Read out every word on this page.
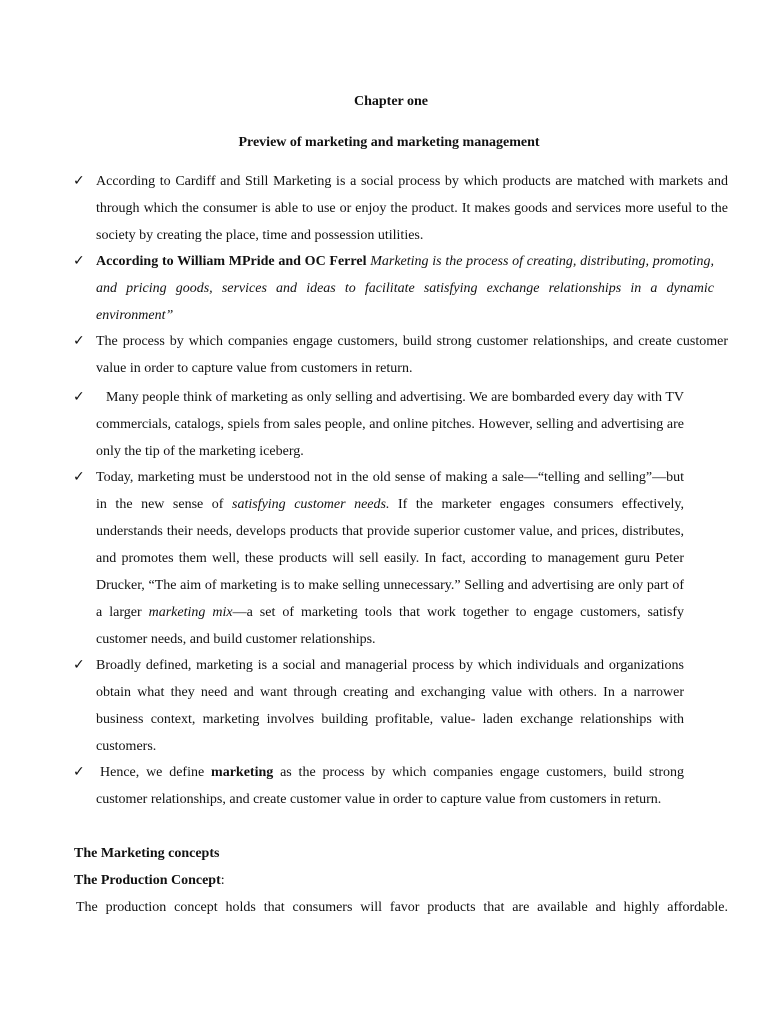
Chapter one
Preview of marketing and marketing management
✓ According to Cardiff and Still Marketing is a social process by which products are matched with markets and through which the consumer is able to use or enjoy the product. It makes goods and services more useful to the society by creating the place, time and possession utilities.
✓ According to William MPride and OC Ferrel Marketing is the process of creating, distributing, promoting, and pricing goods, services and ideas to facilitate satisfying exchange relationships in a dynamic environment”
✓ The process by which companies engage customers, build strong customer relationships, and create customer value in order to capture value from customers in return.
✓	Many people think of marketing as only selling and advertising. We are bombarded every day with TV commercials, catalogs, spiels from sales people, and online pitches. However, selling and advertising are only the tip of the marketing iceberg.
✓ Today, marketing must be understood not in the old sense of making a sale—“telling and selling”—but in the new sense of satisfying customer needs. If the marketer engages consumers effectively, understands their needs, develops products that provide superior customer value, and prices, distributes, and promotes them well, these products will sell easily. In fact, according to management guru Peter Drucker, “The aim of marketing is to make selling unnecessary.” Selling and advertising are only part of a larger marketing mix—a set of marketing tools that work together to engage customers, satisfy customer needs, and build customer relationships.
✓ Broadly defined, marketing is a social and managerial process by which individuals and organizations obtain what they need and want through creating and exchanging value with others. In a narrower business context, marketing involves building profitable, value- laden exchange relationships with customers.
✓	Hence, we define marketing as the process by which companies engage customers, build strong customer relationships, and create customer value in order to capture value from customers in return.
The Marketing concepts
The Production Concept:
The production concept holds that consumers will favor products that are available and highly affordable.
